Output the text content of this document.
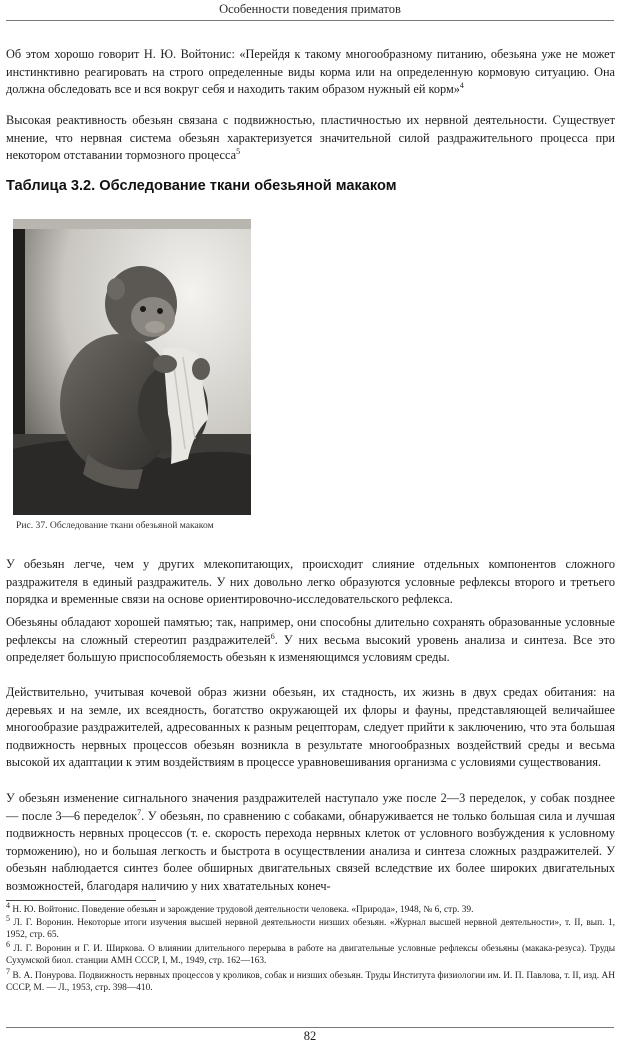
Особенности поведения приматов

Об этом хорошо говорит Н. Ю. Войтонис: «Перейдя к такому многообразному питанию, обезьяна уже не может инстинктивно реагировать на строго определенные виды корма или на определенную кормовую ситуацию. Она должна обследовать все и вся вокруг себя и находить таким образом нужный ей корм»$^4$

Высокая реактивность обезьян связана с подвижностью, пластичностью их нервной деятельности. Существует мнение, что нервная система обезьян характеризуется значительной силой раздражительного процесса при некотором отставании тормозного процесса$^5$

Таблица 3.2. Обследование ткани обезьяной макаком
Рис. 37. Обследование ткани обезьяной макаком

У обезьян легче, чем у других млекопитающих, происходит слияние отдельных компонентов сложного раздражителя в единый раздражитель. У них довольно легко образуются условные рефлексы второго и третьего порядка и временные связи на основе ориентировочно-исследовательского рефлекса.

Обезьяны обладают хорошей памятью; так, например, они способны длительно сохранять образованные условные рефлексы на сложный стереотип раздражителей$^6$. У них весьма высокий уровень анализа и синтеза. Все это определяет большую приспособляемость обезьян к изменяющимся условиям среды.

Действительно, учитывая кочевой образ жизни обезьян, их стадность, их жизнь в двух средах обитания: на деревьях и на земле, их всеядность, богатство окружающей их флоры и фауны, представляющей величайшее многообразие раздражителей, адресованных к разным рецепторам, следует прийти к заключению, что эта большая подвижность нервных процессов обезьян возникла в результате многообразных воздействий среды и весьма высокой их адаптации к этим воздействиям в процессе уравновешивания организма с условиями существования.

У обезьян изменение сигнального значения раздражителей наступало уже после 2—3 переделок, у собак позднее — после 3—6 переделок$^7$. У обезьян, по сравнению с собаками, обнаруживается не только большая сила и лучшая подвижность нервных процессов (т. е. скорость перехода нервных клеток от условного возбуждения к условному торможению), но и большая легкость и быстрота в осуществлении анализа и синтеза сложных раздражителей. У обезьян наблюдается синтез более обширных двигательных связей вследствие их более широких двигательных возможностей, благодаря наличию у них хватательных конеч-

$^4$ Н. Ю. Войтонис. Поведение обезьян и зарождение трудовой деятельности человека. «Природа», 1948, № 6, стр. 39.

$^5$ Л. Г. Воронин. Некоторые итоги изучения высшей нервной деятельности низших обезьян. «Журнал высшей нервной деятельности», т. II, вып. 1, 1952, стр. 65.

$^6$ Л. Г. Воронин и Г. И. Ширкова. О влиянии длительного перерыва в работе на двигательные условные рефлексы обезьяны (макака-резуса). Труды Сухумской биол. станции АМН СССР, I, М., 1949, стр. 162—163.

$^7$ В. А. Понурова. Подвижность нервных процессов у кроликов, собак и низших обезьян. Труды Института физиологии им. И. П. Павлова, т. II, изд. АН СССР, М. — Л., 1953, стр. 398—410.

82
